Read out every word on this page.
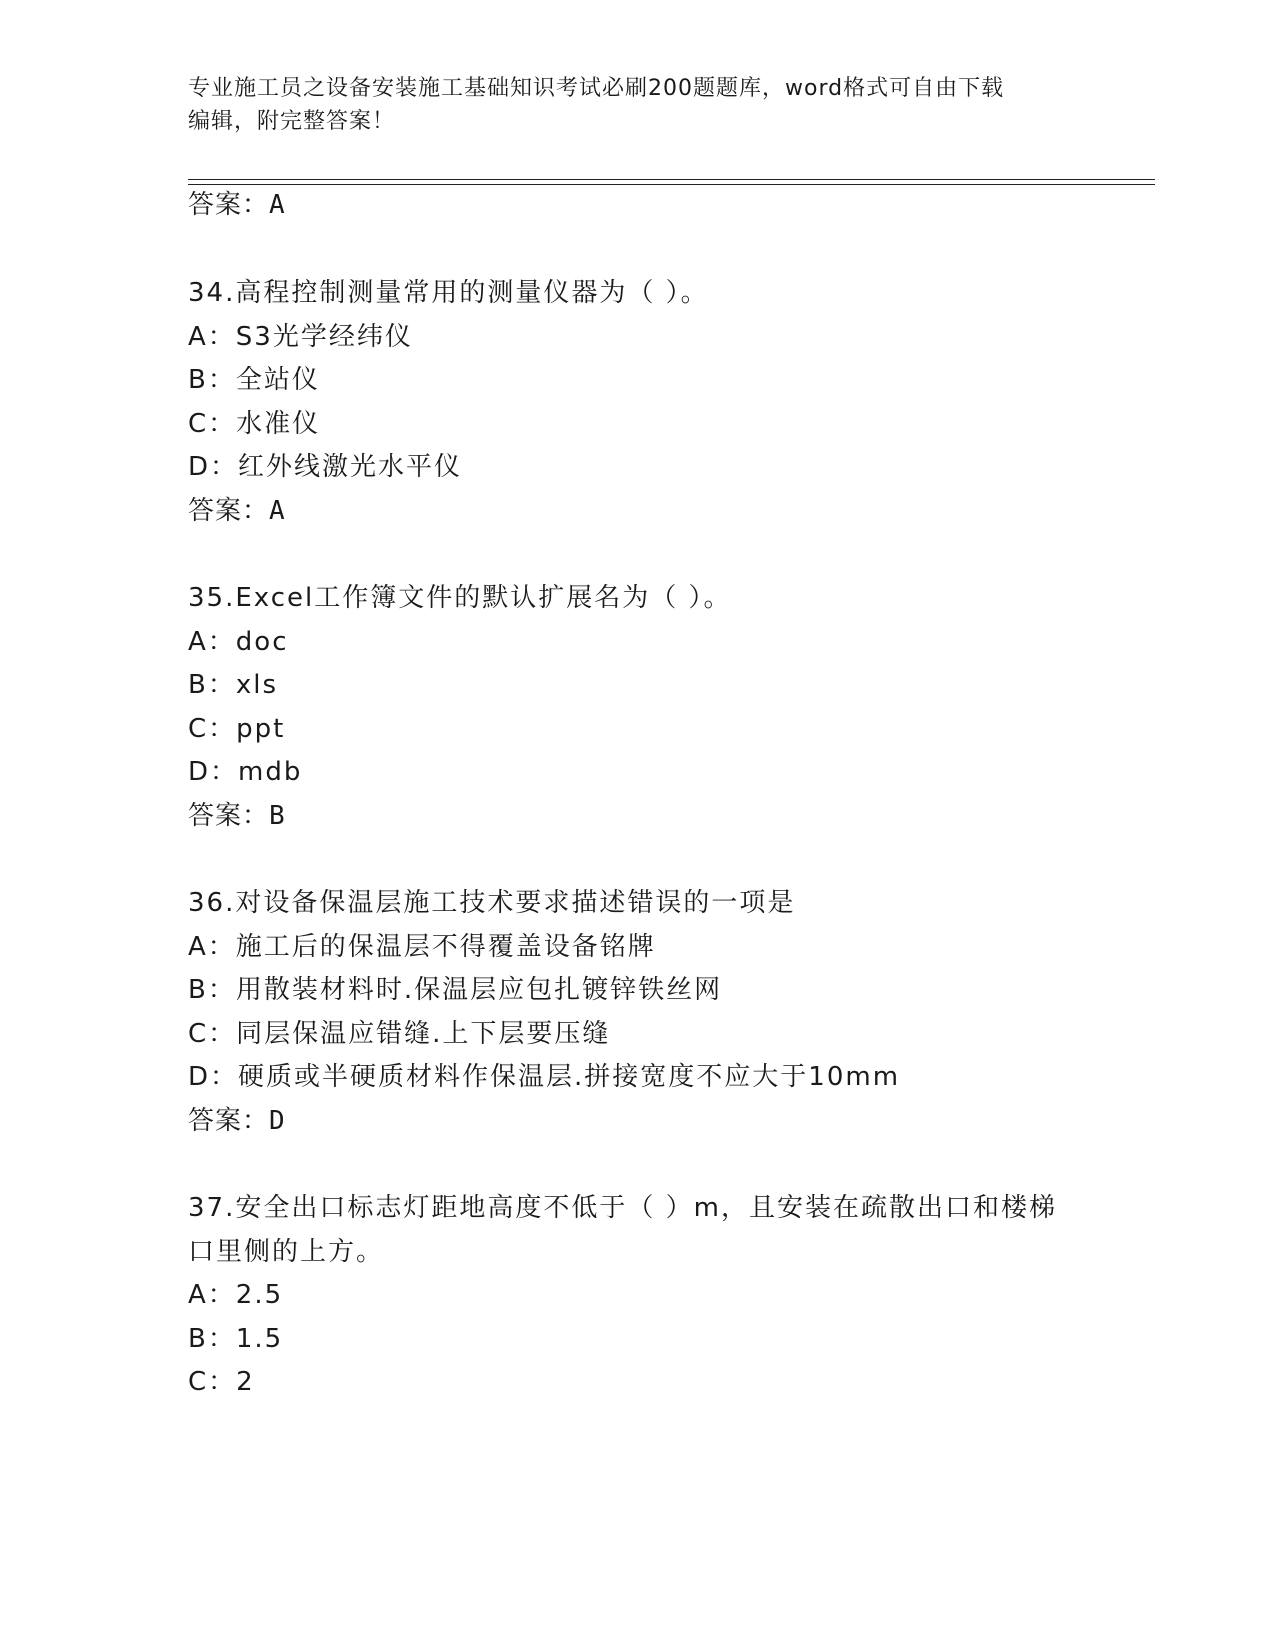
专业施工员之设备安装施工基础知识考试必刷200题题库，word格式可自由下载
编辑，附完整答案！
答案：A
34.高程控制测量常用的测量仪器为（ ）。
A：S3光学经纬仪
B：全站仪
C：水准仪
D：红外线激光水平仪
答案：A
35.Excel工作簿文件的默认扩展名为（ ）。
A：doc
B：xls
C：ppt
D：mdb
答案：B
36.对设备保温层施工技术要求描述错误的一项是
A：施工后的保温层不得覆盖设备铭牌
B：用散装材料时.保温层应包扎镀锌铁丝网
C：同层保温应错缝.上下层要压缝
D：硬质或半硬质材料作保温层.拼接宽度不应大于10mm
答案：D
37.安全出口标志灯距地高度不低于（ ）m，且安装在疏散出口和楼梯
口里侧的上方。
A：2.5
B：1.5
C：2
